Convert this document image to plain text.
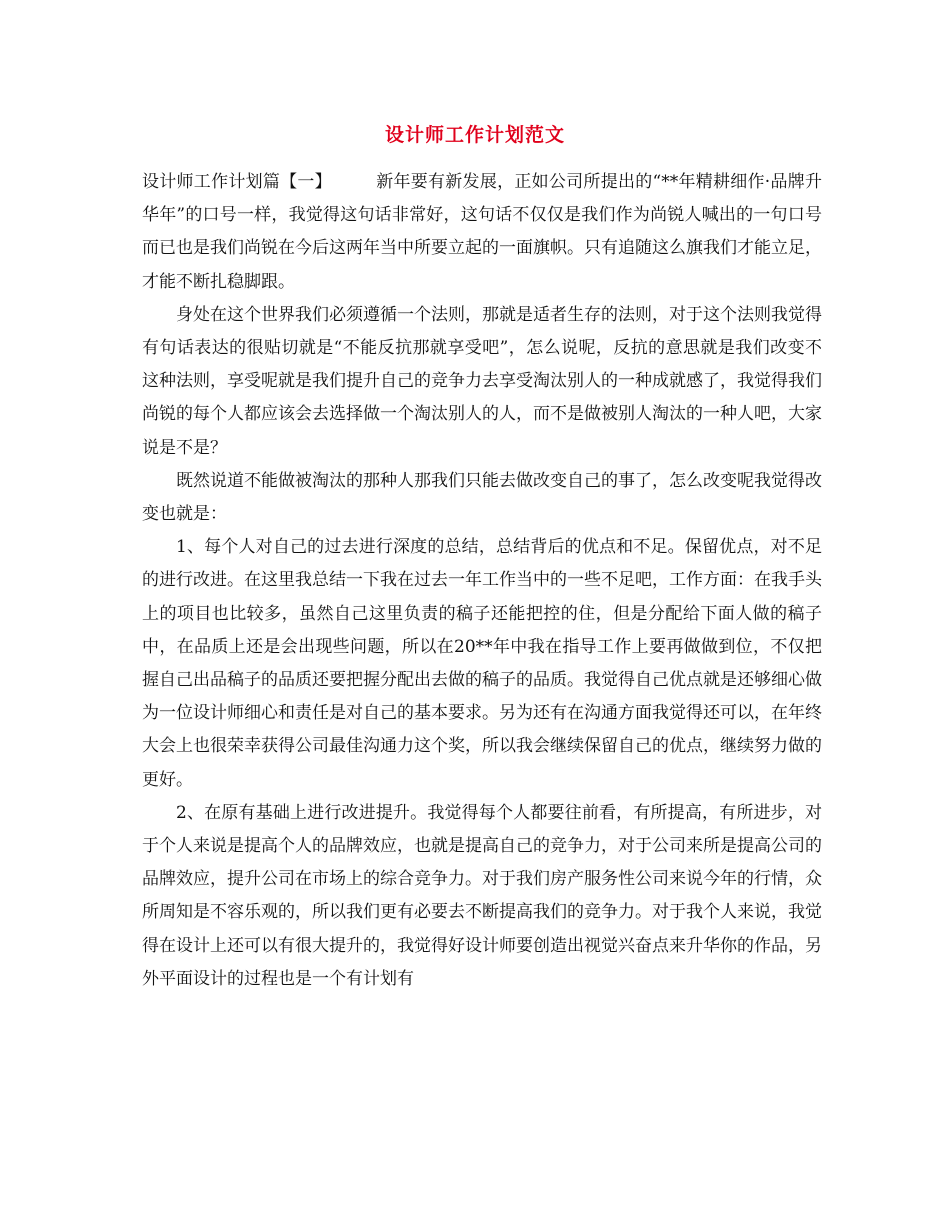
设计师工作计划范文

设计师工作计划篇【一】	新年要有新发展，正如公司所提出的“**年精耕细作·品牌升华年”的口号一样，我觉得这句话非常好，这句话不仅仅是我们作为尚锐人喊出的一句口号而已也是我们尚锐在今后这两年当中所要立起的一面旗帜。只有追随这么旗我们才能立足，才能不断扎稳脚跟。

身处在这个世界我们必须遵循一个法则，那就是适者生存的法则，对于这个法则我觉得有句话表达的很贴切就是“不能反抗那就享受吧”，怎么说呢，反抗的意思就是我们改变不这种法则，享受呢就是我们提升自己的竞争力去享受淘汰别人的一种成就感了，我觉得我们尚锐的每个人都应该会去选择做一个淘汰别人的人，而不是做被别人淘汰的一种人吧，大家说是不是？

既然说道不能做被淘汰的那种人那我们只能去做改变自己的事了，怎么改变呢我觉得改变也就是：

1、每个人对自己的过去进行深度的总结，总结背后的优点和不足。保留优点，对不足的进行改进。在这里我总结一下我在过去一年工作当中的一些不足吧，工作方面：在我手头上的项目也比较多，虽然自己这里负责的稿子还能把控的住，但是分配给下面人做的稿子中，在品质上还是会出现些问题，所以在20**年中我在指导工作上要再做做到位，不仅把握自己出品稿子的品质还要把握分配出去做的稿子的品质。我觉得自己优点就是还够细心做为一位设计师细心和责任是对自己的基本要求。另为还有在沟通方面我觉得还可以，在年终大会上也很荣幸获得公司最佳沟通力这个奖，所以我会继续保留自己的优点，继续努力做的更好。

2、在原有基础上进行改进提升。我觉得每个人都要往前看，有所提高，有所进步，对于个人来说是提高个人的品牌效应，也就是提高自己的竞争力，对于公司来所是提高公司的品牌效应，提升公司在市场上的综合竞争力。对于我们房产服务性公司来说今年的行情，众所周知是不容乐观的，所以我们更有必要去不断提高我们的竞争力。对于我个人来说，我觉得在设计上还可以有很大提升的，我觉得好设计师要创造出视觉兴奋点来升华你的作品，另外平面设计的过程也是一个有计划有
